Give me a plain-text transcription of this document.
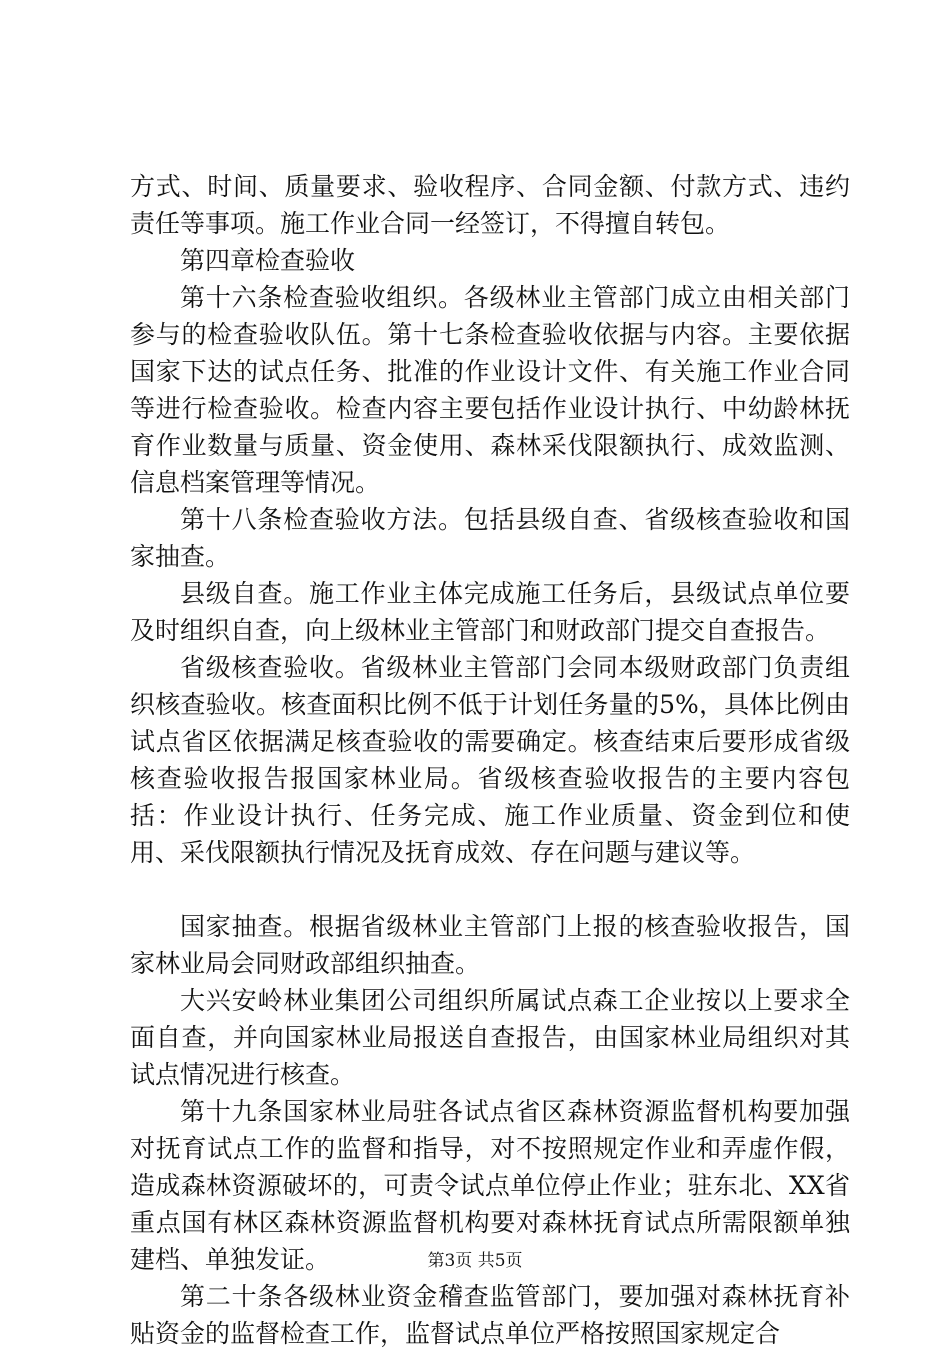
方式、时间、质量要求、验收程序、合同金额、付款方式、违约责任等事项。施工作业合同一经签订，不得擅自转包。

第四章检查验收

第十六条检查验收组织。各级林业主管部门成立由相关部门参与的检查验收队伍。第十七条检查验收依据与内容。主要依据国家下达的试点任务、批准的作业设计文件、有关施工作业合同等进行检查验收。检查内容主要包括作业设计执行、中幼龄林抚育作业数量与质量、资金使用、森林采伐限额执行、成效监测、信息档案管理等情况。

第十八条检查验收方法。包括县级自查、省级核查验收和国家抽查。

县级自查。施工作业主体完成施工任务后，县级试点单位要及时组织自查，向上级林业主管部门和财政部门提交自查报告。

省级核查验收。省级林业主管部门会同本级财政部门负责组织核查验收。核查面积比例不低于计划任务量的5%，具体比例由试点省区依据满足核查验收的需要确定。核查结束后要形成省级核查验收报告报国家林业局。省级核查验收报告的主要内容包括：作业设计执行、任务完成、施工作业质量、资金到位和使用、采伐限额执行情况及抚育成效、存在问题与建议等。

国家抽查。根据省级林业主管部门上报的核查验收报告，国家林业局会同财政部组织抽查。

大兴安岭林业集团公司组织所属试点森工企业按以上要求全面自查，并向国家林业局报送自查报告，由国家林业局组织对其试点情况进行核查。

第十九条国家林业局驻各试点省区森林资源监督机构要加强对抚育试点工作的监督和指导，对不按照规定作业和弄虚作假，造成森林资源破坏的，可责令试点单位停止作业；驻东北、XX省重点国有林区森林资源监督机构要对森林抚育试点所需限额单独建档、单独发证。

第二十条各级林业资金稽查监管部门，要加强对森林抚育补贴资金的监督检查工作，监督试点单位严格按照国家规定合

第3页 共5页
